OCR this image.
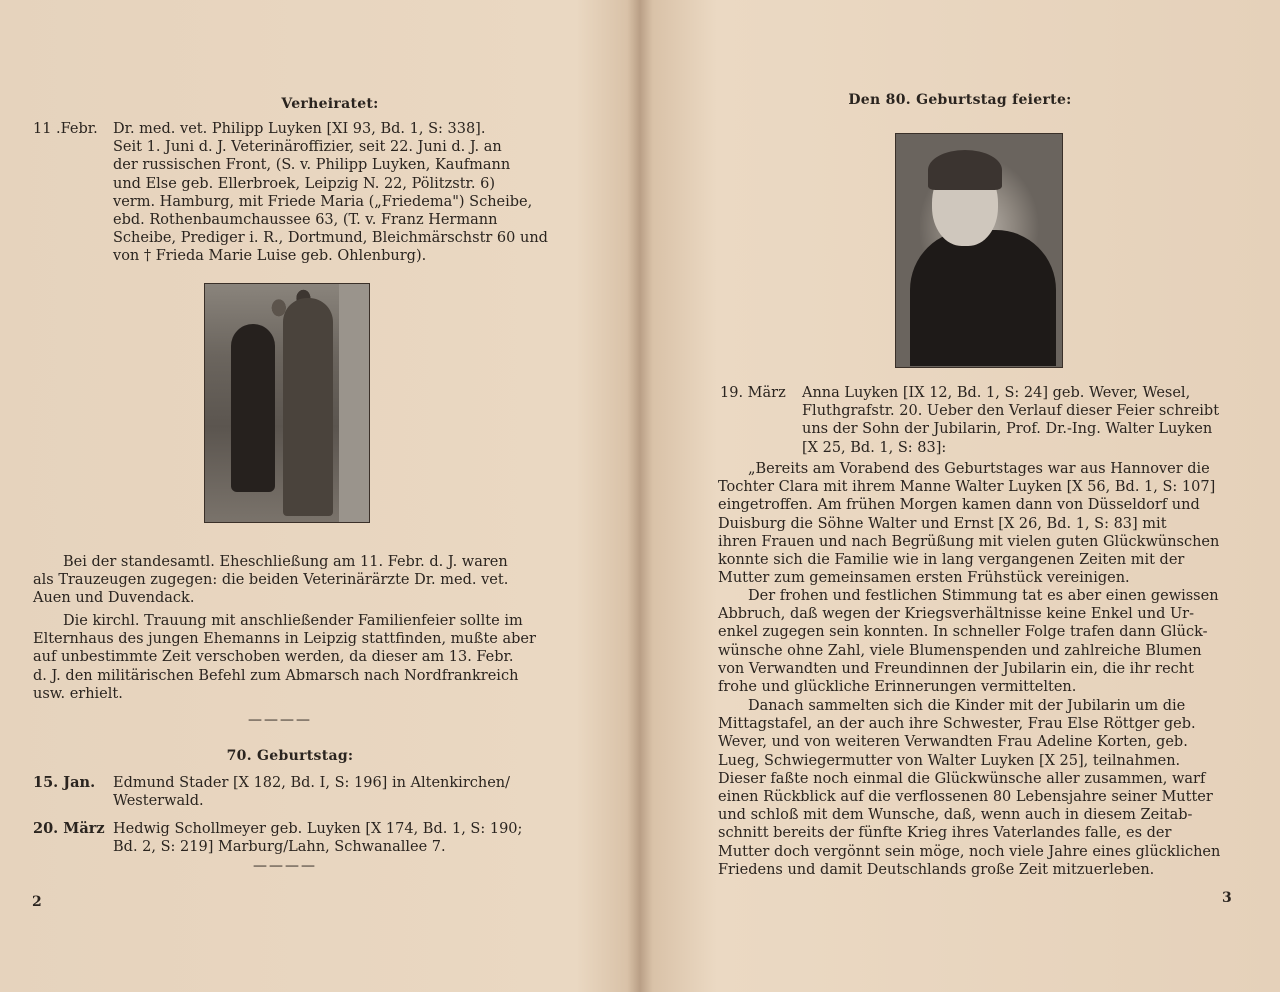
Verheiratet:
11 .Febr. Dr. med. vet. Philipp Luyken [XI 93, Bd. 1, S: 338].
Seit 1. Juni d. J. Veterinäroffizier, seit 22. Juni d. J. an
der russischen Front, (S. v. Philipp Luyken, Kaufmann
und Else geb. Ellerbroek, Leipzig N. 22, Pölitzstr. 6)
verm. Hamburg, mit Friede Maria („Friedema") Scheibe,
ebd. Rothenbaumchaussee 63, (T. v. Franz Hermann
Scheibe, Prediger i. R., Dortmund, Bleichmärschstr 60 und
von † Frieda Marie Luise geb. Ohlenburg).
Bei der standesamtl. Eheschließung am 11. Febr. d. J. waren
als Trauzeugen zugegen: die beiden Veterinärärzte Dr. med. vet.
Auen und Duvendack.
Die kirchl. Trauung mit anschließender Familienfeier sollte im
Elternhaus des jungen Ehemanns in Leipzig stattfinden, mußte aber
auf unbestimmte Zeit verschoben werden, da dieser am 13. Febr.
d. J. den militärischen Befehl zum Abmarsch nach Nordfrankreich
usw. erhielt.
————
70. Geburtstag:
15. Jan. Edmund Stader [X 182, Bd. I, S: 196] in Altenkirchen/
Westerwald.
20. März Hedwig Schollmeyer geb. Luyken [X 174, Bd. 1, S: 190;
Bd. 2, S: 219] Marburg/Lahn, Schwanallee 7.
————
2
Den 80. Geburtstag feierte:
19. März Anna Luyken [IX 12, Bd. 1, S: 24] geb. Wever, Wesel,
Fluthgrafstr. 20. Ueber den Verlauf dieser Feier schreibt
uns der Sohn der Jubilarin, Prof. Dr.-Ing. Walter Luyken
[X 25, Bd. 1, S: 83]:
„Bereits am Vorabend des Geburtstages war aus Hannover die
Tochter Clara mit ihrem Manne Walter Luyken [X 56, Bd. 1, S: 107]
eingetroffen. Am frühen Morgen kamen dann von Düsseldorf und
Duisburg die Söhne Walter und Ernst [X 26, Bd. 1, S: 83] mit
ihren Frauen und nach Begrüßung mit vielen guten Glückwünschen
konnte sich die Familie wie in lang vergangenen Zeiten mit der
Mutter zum gemeinsamen ersten Frühstück vereinigen.
Der frohen und festlichen Stimmung tat es aber einen gewissen
Abbruch, daß wegen der Kriegsverhältnisse keine Enkel und Ur-
enkel zugegen sein konnten. In schneller Folge trafen dann Glück-
wünsche ohne Zahl, viele Blumenspenden und zahlreiche Blumen
von Verwandten und Freundinnen der Jubilarin ein, die ihr recht
frohe und glückliche Erinnerungen vermittelten.
Danach sammelten sich die Kinder mit der Jubilarin um die
Mittagstafel, an der auch ihre Schwester, Frau Else Röttger geb.
Wever, und von weiteren Verwandten Frau Adeline Korten, geb.
Lueg, Schwiegermutter von Walter Luyken [X 25], teilnahmen.
Dieser faßte noch einmal die Glückwünsche aller zusammen, warf
einen Rückblick auf die verflossenen 80 Lebensjahre seiner Mutter
und schloß mit dem Wunsche, daß, wenn auch in diesem Zeitab-
schnitt bereits der fünfte Krieg ihres Vaterlandes falle, es der
Mutter doch vergönnt sein möge, noch viele Jahre eines glücklichen
Friedens und damit Deutschlands große Zeit mitzuerleben.
3
